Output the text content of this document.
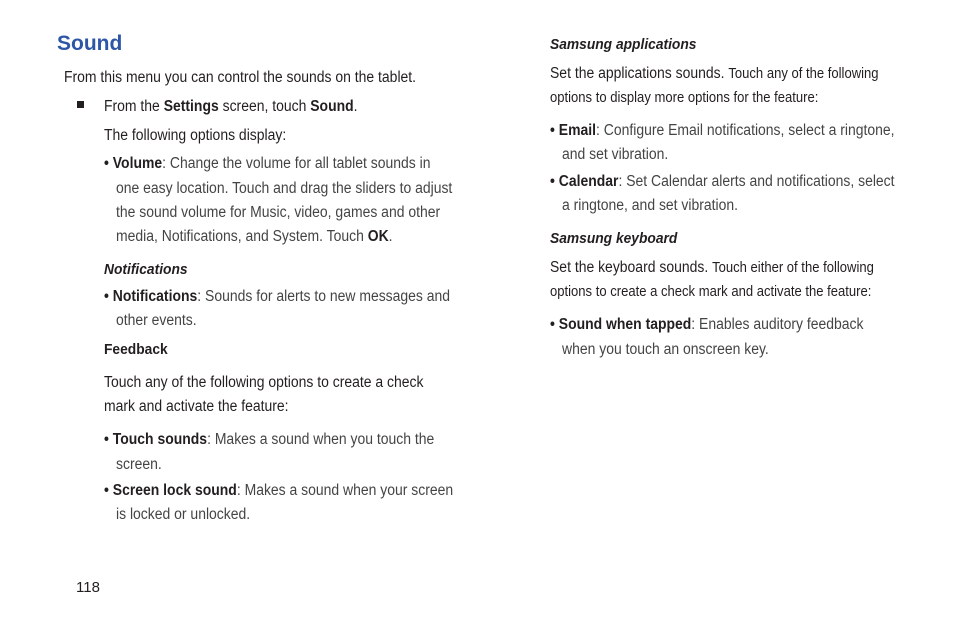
Sound
From this menu you can control the sounds on the tablet.
From the Settings screen, touch Sound.
The following options display:
• Volume: Change the volume for all tablet sounds in
one easy location. Touch and drag the sliders to adjust
the sound volume for Music, video, games and other
media, Notifications, and System. Touch OK.
Notifications
• Notifications: Sounds for alerts to new messages and
other events.
Feedback
Touch any of the following options to create a check
mark and activate the feature:
• Touch sounds: Makes a sound when you touch the
screen.
• Screen lock sound: Makes a sound when your screen
is locked or unlocked.
118
Samsung applications
Set the applications sounds. Touch any of the following
options to display more options for the feature:
• Email: Configure Email notifications, select a ringtone,
and set vibration.
• Calendar: Set Calendar alerts and notifications, select
a ringtone, and set vibration.
Samsung keyboard
Set the keyboard sounds. Touch either of the following
options to create a check mark and activate the feature:
• Sound when tapped: Enables auditory feedback
when you touch an onscreen key.
